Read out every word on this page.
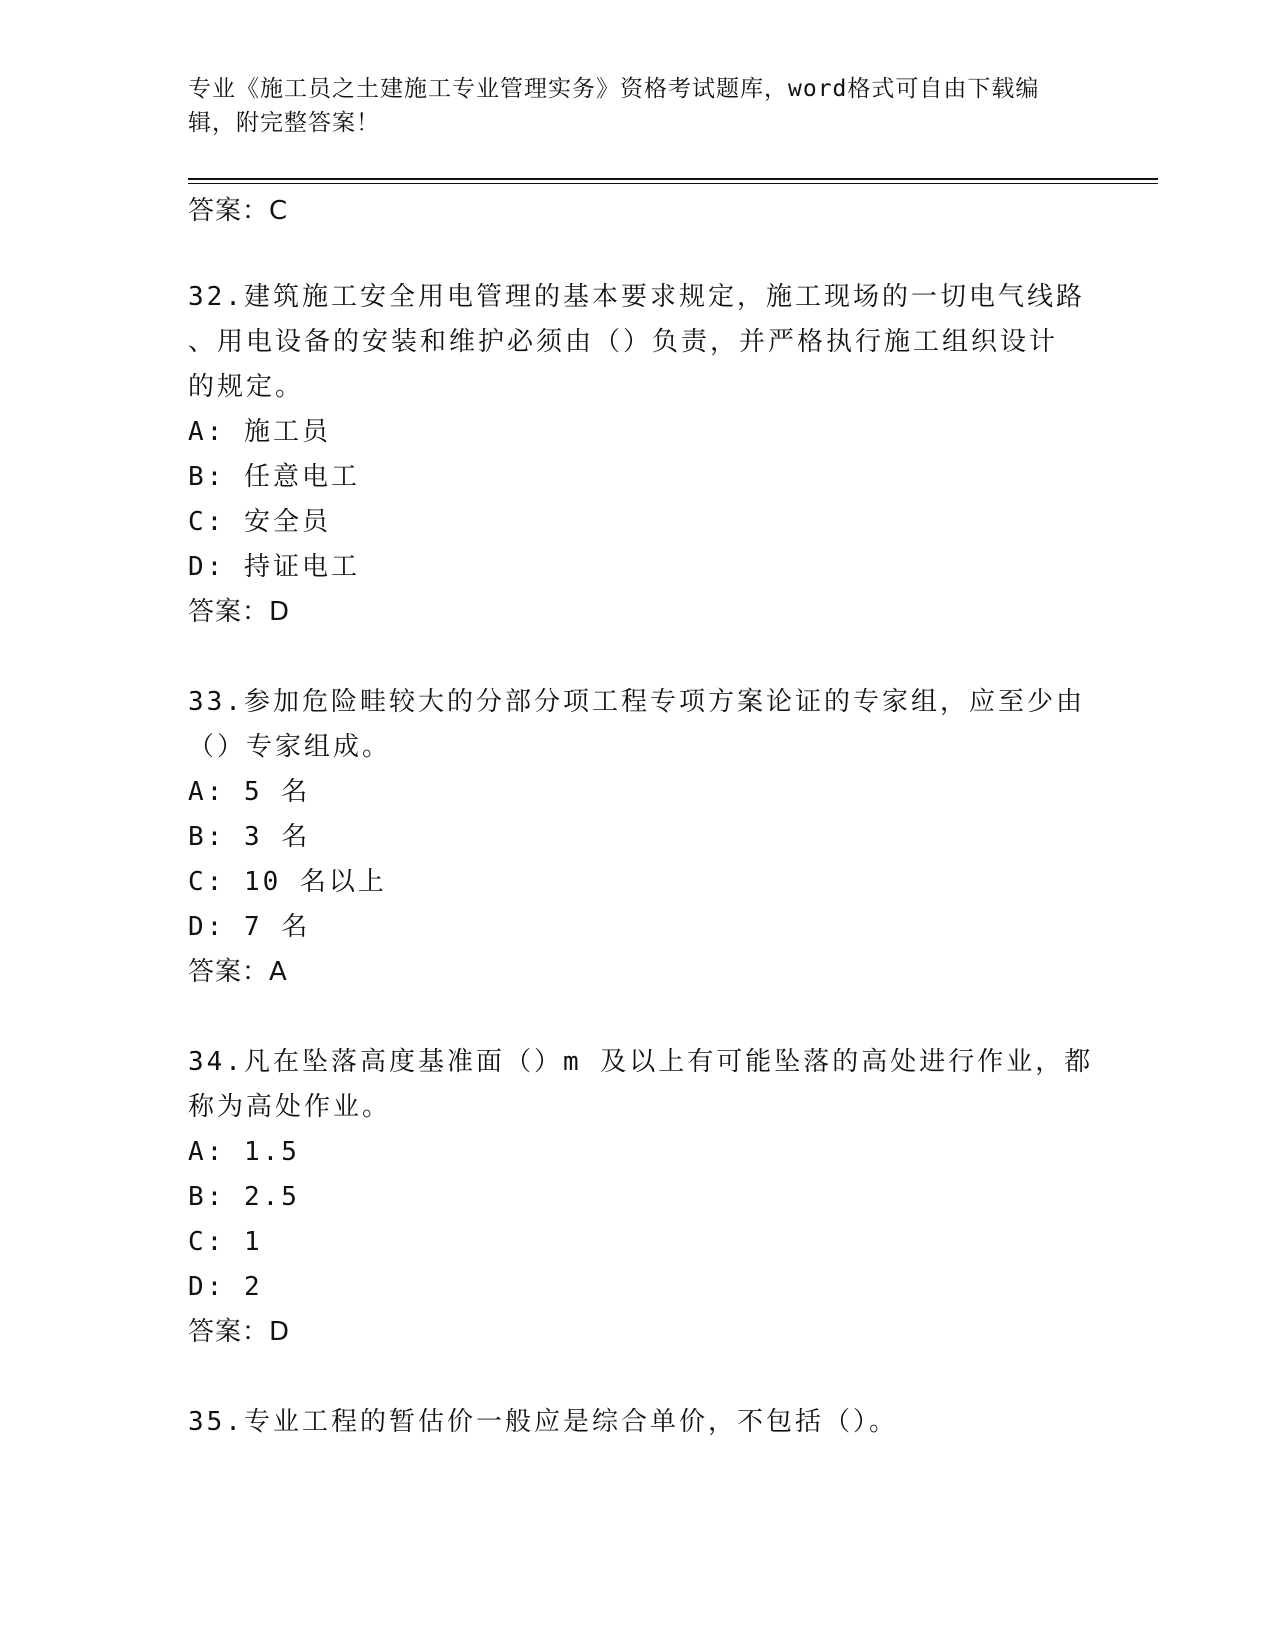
专业《施工员之土建施工专业管理实务》资格考试题库，word格式可自由下载编辑，附完整答案！

答案：C

32.建筑施工安全用电管理的基本要求规定，施工现场的一切电气线路

、用电设备的安装和维护必须由（）负责，并严格执行施工组织设计

的规定。

A: 施工员

B: 任意电工

C: 安全员

D: 持证电工

答案：D

33.参加危险畦较大的分部分项工程专项方案论证的专家组，应至少由

（）专家组成。

A: 5 名

B: 3 名

C: 10 名以上

D: 7 名

答案：A

34.凡在坠落高度基准面（）m 及以上有可能坠落的高处进行作业，都

称为高处作业。

A: 1.5

B: 2.5

C: 1

D: 2

答案：D

35.专业工程的暂估价一般应是综合单价，不包括（）。
